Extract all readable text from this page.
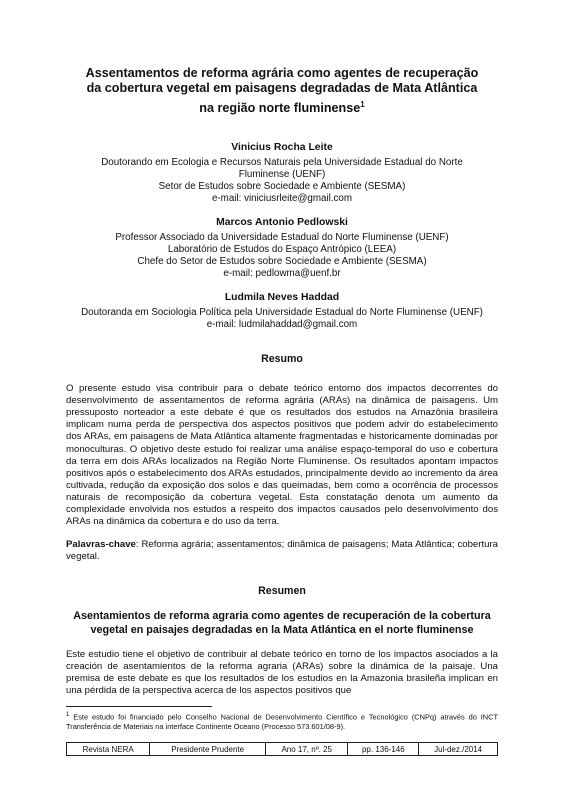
Assentamentos de reforma agrária como agentes de recuperação
da cobertura vegetal em paisagens degradadas de Mata Atlântica
na região norte fluminense$^1$

Vinicius Rocha Leite

Doutorando em Ecologia e Recursos Naturais pela Universidade Estadual do Norte

Fluminense (UENF)

Setor de Estudos sobre Sociedade e Ambiente (SESMA)

e-mail: viniciusrleite@gmail.com

Marcos Antonio Pedlowski

Professor Associado da Universidade Estadual do Norte Fluminense (UENF)

Laboratório de Estudos do Espaço Antrópico (LEEA)

Chefe do Setor de Estudos sobre Sociedade e Ambiente (SESMA)

e-mail: pedlowma@uenf.br

Ludmila Neves Haddad

Doutoranda em Sociologia Política pela Universidade Estadual do Norte Fluminense (UENF)

e-mail: ludmilahaddad@gmail.com

Resumo

O presente estudo visa contribuir para o debate teórico entorno dos impactos decorrentes do desenvolvimento de assentamentos de reforma agrária (ARAs) na dinâmica de paisagens. Um pressuposto norteador a este debate é que os resultados dos estudos na Amazônia brasileira implicam numa perda de perspectiva dos aspectos positivos que podem advir do estabelecimento dos ARAs, em paisagens de Mata Atlântica altamente fragmentadas e historicamente dominadas por monoculturas. O objetivo deste estudo foi realizar uma análise espaço-temporal do uso e cobertura da terra em dois ARAs localizados na Região Norte Fluminense. Os resultados apontam impactos positivos após o estabelecimento dos ARAs estudados, principalmente devido ao incremento da área cultivada, redução da exposição dos solos e das queimadas, bem como a ocorrência de processos naturais de recomposição da cobertura vegetal. Esta constatação denota um aumento da complexidade envolvida nos estudos a respeito dos impactos causados pelo desenvolvimento dos ARAs na dinâmica da cobertura e do uso da terra.

Palavras-chave: Reforma agrária; assentamentos; dinâmica de paisagens; Mata Atlântica; cobertura vegetal.

Resumen

Asentamientos de reforma agraria como agentes de recuperación de la cobertura vegetal en paisajes degradadas en la Mata Atlántica en el norte fluminense

Este estudio tiene el objetivo de contribuir al debate teórico en torno de los impactos asociados a la creación de asentamientos de la reforma agraria (ARAs) sobre la dinámica de la paisaje. Una premisa de este debate es que los resultados de los estudios en la Amazonia brasileña implican en una pérdida de la perspectiva acerca de los aspectos positivos que

$^1$ Este estudo foi financiado pelo Conselho Nacional de Desenvolvimento Científico e Tecnológico (CNPq) através do INCT Transferência de Materiais na interface Continente Oceano (Processo 573.601/08-9).
Revista NERA	Presidente Prudente	Ano 17, nº. 25	pp. 136-146	Jul-dez./2014
